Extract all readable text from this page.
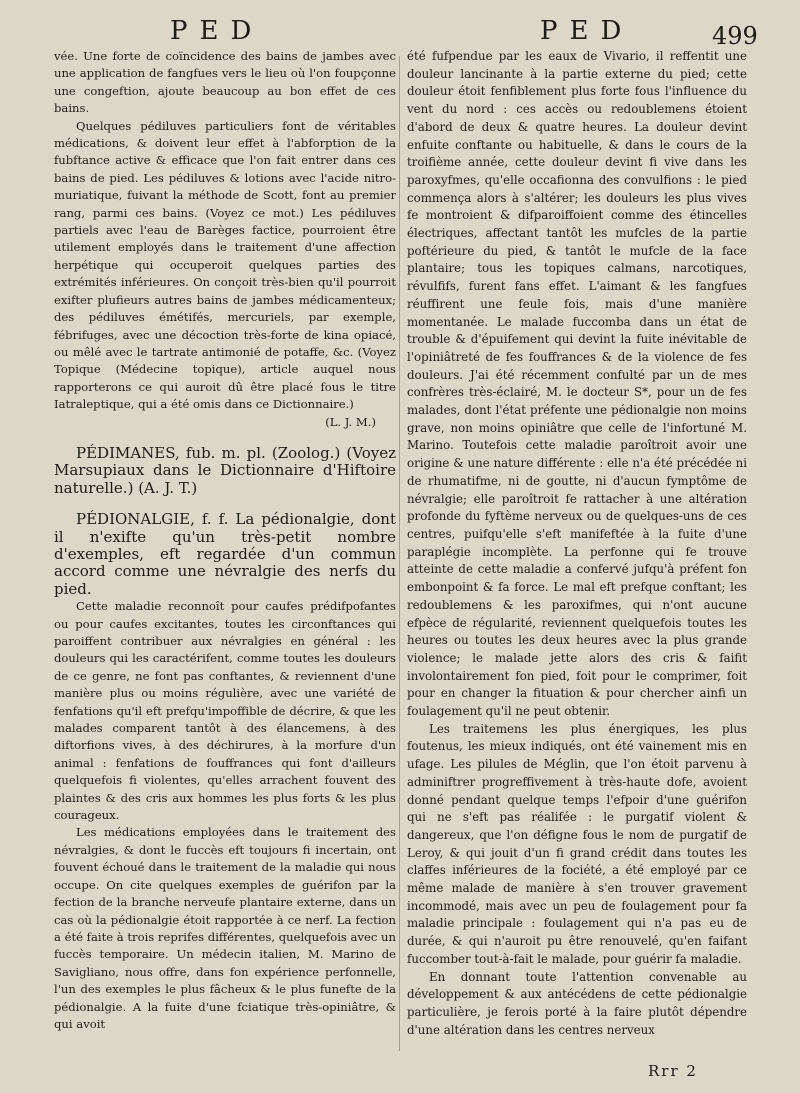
PED	PED	499

vée. Une forte de coïncidence des bains de jambes avec une application de fangfues vers le lieu où l'on foupçonne une congeftion, ajoute beaucoup au bon effet de ces bains.

Quelques pédiluves particuliers font de véritables médications, & doivent leur effet à l'abforption de la fubftance active & efficace que l'on fait entrer dans ces bains de pied. Les pédiluves & lotions avec l'acide nitro-muriatique, fuivant la méthode de Scott, font au premier rang, parmi ces bains. (Voyez ce mot.) Les pédiluves partiels avec l'eau de Barèges factice, pourroient être utilement employés dans le traitement d'une affection herpétique qui occuperoit quelques parties des extrémités inférieures. On conçoit très-bien qu'il pourroit exifter plufieurs autres bains de jambes médicamenteux; des pédiluves émétifés, mercuriels, par exemple, fébrifuges, avec une décoction très-forte de kina opiacé, ou mêlé avec le tartrate antimonié de potaffe, &c. (Voyez Topique (Médecine topique), article auquel nous rapporterons ce qui auroit dû être placé fous le titre Iatraleptique, qui a été omis dans ce Dictionnaire.)

(L. J. M.)

PÉDIMANES, fub. m. pl. (Zoolog.) (Voyez Marsupiaux dans le Dictionnaire d'Hiftoire naturelle.) (A. J. T.)

PÉDIONALGIE, f. f. La pédionalgie, dont il n'exifte qu'un très-petit nombre d'exemples, eft regardée d'un commun accord comme une névralgie des nerfs du pied.

Cette maladie reconnoît pour caufes prédifpofantes ou pour caufes excitantes, toutes les circonftances qui paroiffent contribuer aux névralgies en général : les douleurs qui les caractérifent, comme toutes les douleurs de ce genre, ne font pas conftantes, & reviennent d'une manière plus ou moins régulière, avec une variété de fenfations qu'il eft prefqu'impoffible de décrire, & que les malades comparent tantôt à des élancemens, à des diftorfions vives, à des déchirures, à la morfure d'un animal : fenfations de fouffrances qui font d'ailleurs quelquefois fi violentes, qu'elles arrachent fouvent des plaintes & des cris aux hommes les plus forts & les plus courageux.

Les médications employées dans le traitement des névralgies, & dont le fuccès eft toujours fi incertain, ont fouvent échoué dans le traitement de la maladie qui nous occupe. On cite quelques exemples de guérifon par la fection de la branche nerveufe plantaire externe, dans un cas où la pédionalgie étoit rapportée à ce nerf. La fection a été faite à trois reprifes différentes, quelquefois avec un fuccès temporaire. Un médecin italien, M. Marino de Savigliano, nous offre, dans fon expérience perfonnelle, l'un des exemples le plus fâcheux & le plus funefte de la pédionalgie. A la fuite d'une fciatique très-opiniâtre, & qui avoit

été fufpendue par les eaux de Vivario, il reffentit une douleur lancinante à la partie externe du pied; cette douleur étoit fenfiblement plus forte fous l'influence du vent du nord : ces accès ou redoublemens étoient d'abord de deux & quatre heures. La douleur devint enfuite conftante ou habituelle, & dans le cours de la troifième année, cette douleur devint fi vive dans les paroxyfmes, qu'elle occafionna des convulfions : le pied commença alors à s'altérer; les douleurs les plus vives fe montroient & difparoiffoient comme des étincelles électriques, affectant tantôt les mufcles de la partie poftérieure du pied, & tantôt le mufcle de la face plantaire; tous les topiques calmans, narcotiques, révulfifs, furent fans effet. L'aimant & les fangfues réuffirent une feule fois, mais d'une manière momentanée. Le malade fuccomba dans un état de trouble & d'épuifement qui devint la fuite inévitable de l'opiniâtreté de fes fouffrances & de la violence de fes douleurs. J'ai été récemment confulté par un de mes confrères très-éclairé, M. le docteur S*, pour un de fes malades, dont l'état préfente une pédionalgie non moins grave, non moins opiniâtre que celle de l'infortuné M. Marino. Toutefois cette maladie paroîtroit avoir une origine & une nature différente : elle n'a été précédée ni de rhumatifme, ni de goutte, ni d'aucun fymptôme de névralgie; elle paroîtroit fe rattacher à une altération profonde du fyftème nerveux ou de quelques-uns de ces centres, puifqu'elle s'eft manifeftée à la fuite d'une paraplégie incomplète. La perfonne qui fe trouve atteinte de cette maladie a confervé jufqu'à préfent fon embonpoint & fa force. Le mal eft prefque conftant; les redoublemens & les paroxifmes, qui n'ont aucune efpèce de régularité, reviennent quelquefois toutes les heures ou toutes les deux heures avec la plus grande violence; le malade jette alors des cris & faifit involontairement fon pied, foit pour le comprimer, foit pour en changer la fituation & pour chercher ainfi un foulagement qu'il ne peut obtenir.

Les traitemens les plus énergiques, les plus foutenus, les mieux indiqués, ont été vainement mis en ufage. Les pilules de Méglin, que l'on étoit parvenu à adminiftrer progreffivement à très-haute dofe, avoient donné pendant quelque temps l'efpoir d'une guérifon qui ne s'eft pas réalifée : le purgatif violent & dangereux, que l'on défigne fous le nom de purgatif de Leroy, & qui jouit d'un fi grand crédit dans toutes les claffes inférieures de la fociété, a été employé par ce même malade de manière à s'en trouver gravement incommodé, mais avec un peu de foulagement pour fa maladie principale : foulagement qui n'a pas eu de durée, & qui n'auroit pu être renouvelé, qu'en faifant fuccomber tout-à-fait le malade, pour guérir fa maladie.

En donnant toute l'attention convenable au développement & aux antécédens de cette pédionalgie particulière, je ferois porté à la faire plutôt dépendre d'une altération dans les centres nerveux

Rrr 2
